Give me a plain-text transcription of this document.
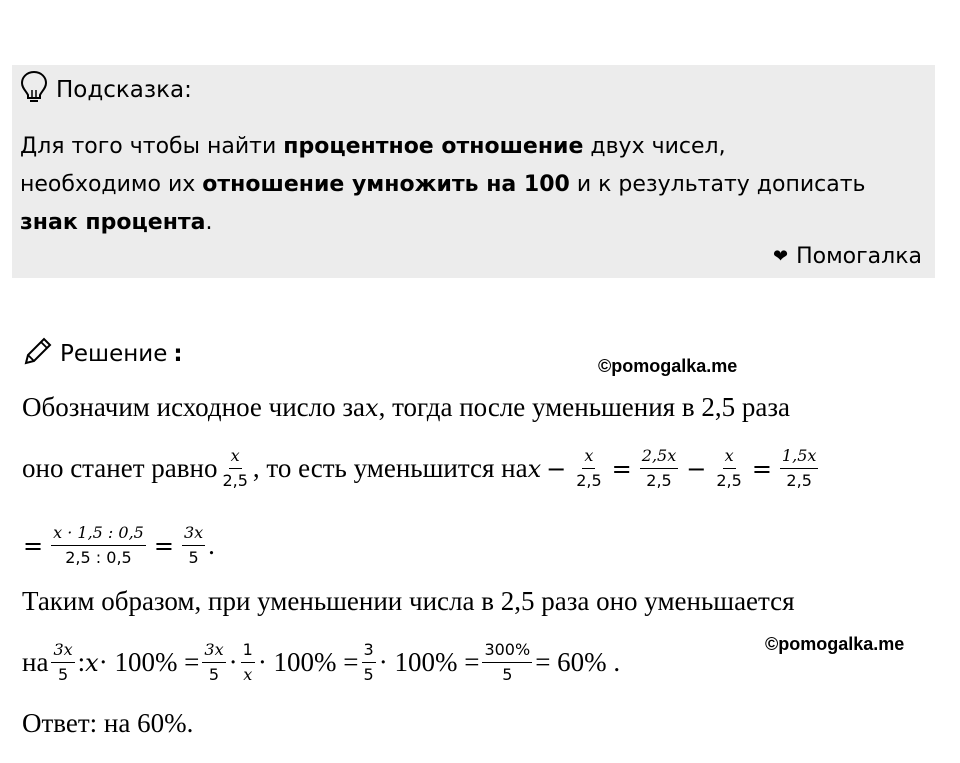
Подсказка:
Для того чтобы найти процентное отношение двух чисел,
необходимо их отношение умножить на 100 и к результату дописать
знак процента.
❤ Помогалка
Решение :	©pomogalka.me
©pomogalka.me
Обозначим исходное число за x , тогда после уменьшения в 2,5 раза
оно станет равно $\frac{x}{2,5}$ , то есть уменьшится на $x - \frac{x}{2,5} = \frac{2,5x}{2,5} - \frac{x}{2,5} = \frac{1,5x}{2,5}$
= $\frac{x \cdot 1,5 : 0,5}{2,5 : 0,5} = \frac{3x}{5}$ .
Таким образом, при уменьшении числа в 2,5 раза оно уменьшается
на $\frac{3x}{5}$ : $x \cdot 100\% = \frac{3x}{5} \cdot \frac{1}{x} \cdot 100\% = \frac{3}{5} \cdot 100\% = \frac{300\%}{5} = 60\%$ .
Ответ: на 60%.
